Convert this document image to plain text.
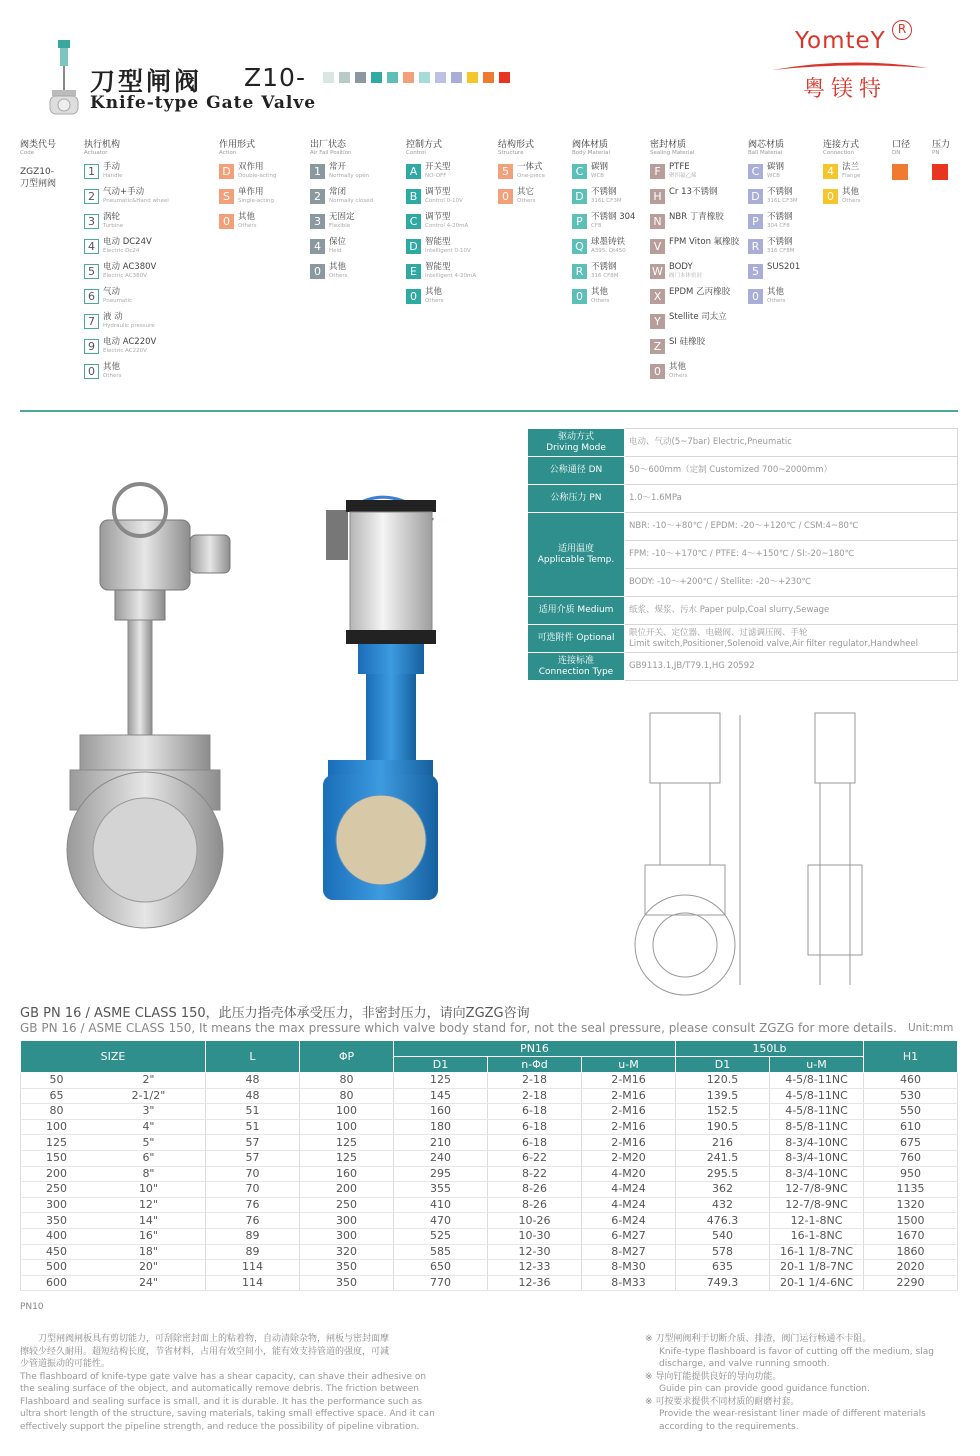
刀型闸阀 Z10-
Knife-type Gate Valve
YomteY	R
粤镁特
阀类代号
Code
执行机构
Actuator
1 手动
Handle
2 气动+手动
Pneumatic&Hand wheel
3 涡轮
Turbine
4 电动 DC24V
Electric Dc24
5 电动 AC380V
Electric AC380V
6 气动
Pneumatic
7 液 动
Hydraulic pressure
9 电动 AC220V
Electric AC220V
0 其他
Others
作用形式
Action
D 双作用
Double-acting
S 单作用
Single-acting
0 其他
Others
出厂状态
Air Fail Position
1 常开
Normally open
2 常闭
Normally closed
3 无固定
Flexible
4 保位
Held
0 其他
Others
控制方式
Control
A 开关型
NO-OFF
B 调节型
Control 0-10V
C 调节型
Control 4-20mA
D 智能型
Intelligent 0-10V
E 智能型
Intelligent 4-20mA
0 其他
Others
结构形式
Structure
5 一体式
One-piece
0 其它
Others
阀体材质
Body Material
C 碳钢
WCB
D 不锈钢
316L CF3M
P 不锈钢 304
CF8
Q 球墨铸铁
A395, Qt450
R 不锈钢
316 CF8M
0 其他
Others
密封材质
Sealing Material
F PTFE
聚四氟乙烯
H Cr 13不锈钢
N NBR 丁青橡胶
V FPM Viton 氟橡胶
W BODY
阀门本体密封
X EPDM 乙丙橡胶
Y Stellite 司太立
Z SI 硅橡胶
0 其他
Others
阀芯材质
Ball Material
C 碳钢
WCB
D 不锈钢
316L CF3M
P 不锈钢
304 CF8
R 不锈钢
316 CF8M
5 SUS201
0 其他
Others
连接方式
Connection
4 法兰
Flange
0 其他
Others
口径
DN
压力
PN
ZGZ10-
刀型闸阀
驱动方式
Driving Mode	电动、气动(5~7bar) Electric,Pneumatic

公称通径 DN	50～600mm（定制 Customized 700~2000mm）

公称压力 PN	1.0～1.6MPa

适用温度
Applicable Temp.	NBR: -10～+80℃ / EPDM: -20～+120℃ / CSM:4~80℃
	FPM: -10～+170℃ / PTFE: 4～+150℃ / SI:-20~180℃
	BODY: -10～+200℃ / Stellite: -20～+230℃

适用介质 Medium	纸浆、煤浆、污水 Paper pulp,Coal slurry,Sewage

可选附件 Optional	限位开关、定位器、电磁阀、过滤调压阀、手轮
Limit switch,Positioner,Solenoid valve,Air filter regulator,Handwheel

连接标准
Connection Type	GB9113.1,JB/T79.1,HG 20592
GB PN 16 / ASME CLASS 150，此压力指壳体承受压力，非密封压力，请向ZGZG咨询
GB PN 16 / ASME CLASS 150, It means the max pressure which valve body stand for, not the seal pressure, please consult ZGZG for more details. Unit:mm
SIZE		L	ΦP	PN16			150Lb		H1
				D1	n-Φd	u-M	D1	u-M	
50	2"	48	80	125	2-18	2-M16	120.5	4-5/8-11NC	460
65	2-1/2"	48	80	145	2-18	2-M16	139.5	4-5/8-11NC	530
80	3"	51	100	160	6-18	2-M16	152.5	4-5/8-11NC	550
100	4"	51	100	180	6-18	2-M16	190.5	8-5/8-11NC	610
125	5"	57	125	210	6-18	2-M16	216	8-3/4-10NC	675
150	6"	57	125	240	6-22	2-M20	241.5	8-3/4-10NC	760
200	8"	70	160	295	8-22	4-M20	295.5	8-3/4-10NC	950
250	10"	70	200	355	8-26	4-M24	362	12-7/8-9NC	1135
300	12"	76	250	410	8-26	4-M24	432	12-7/8-9NC	1320
350	14"	76	300	470	10-26	6-M24	476.3	12-1-8NC	1500
400	16"	89	300	525	10-30	6-M27	540	16-1-8NC	1670
450	18"	89	320	585	12-30	8-M27	578	16-1 1/8-7NC	1860
500	20"	114	350	650	12-33	8-M30	635	20-1 1/8-7NC	2020
600	24"	114	350	770	12-36	8-M33	749.3	20-1 1/4-6NC	2290
PN10
刀型闸阀闸板具有剪切能力，可刮除密封面上的粘着物，自动清除杂物，闸板与密封面摩
擦较少经久耐用。超短结构长度，节省材料，占用有效空间小，能有效支持管道的强度，可减
少管道振动的可能性。
The flashboard of knife-type gate valve has a shear capacity, can shave their adhesive on
the sealing surface of the object, and automatically remove debris. The friction between
Flashboard and sealing surface is small, and it is durable. It has the performance such as
ultra short length of the structure, saving materials, taking small effective space. And it can
effectively support the pipeline strength, and reduce the possibility of pipeline vibration.
※ 刀型闸阀利于切断介质、排渣，阀门运行畅通不卡阻。
Knife-type flashboard is favor of cutting off the medium, slag
discharge, and valve running smooth.
※ 导向钉能提供良好的导向功能。
Guide pin can provide good guidance function.
※ 可按要求提供不同材质的耐磨衬套。
Provide the wear-resistant liner made of different materials
according to the requirements.
